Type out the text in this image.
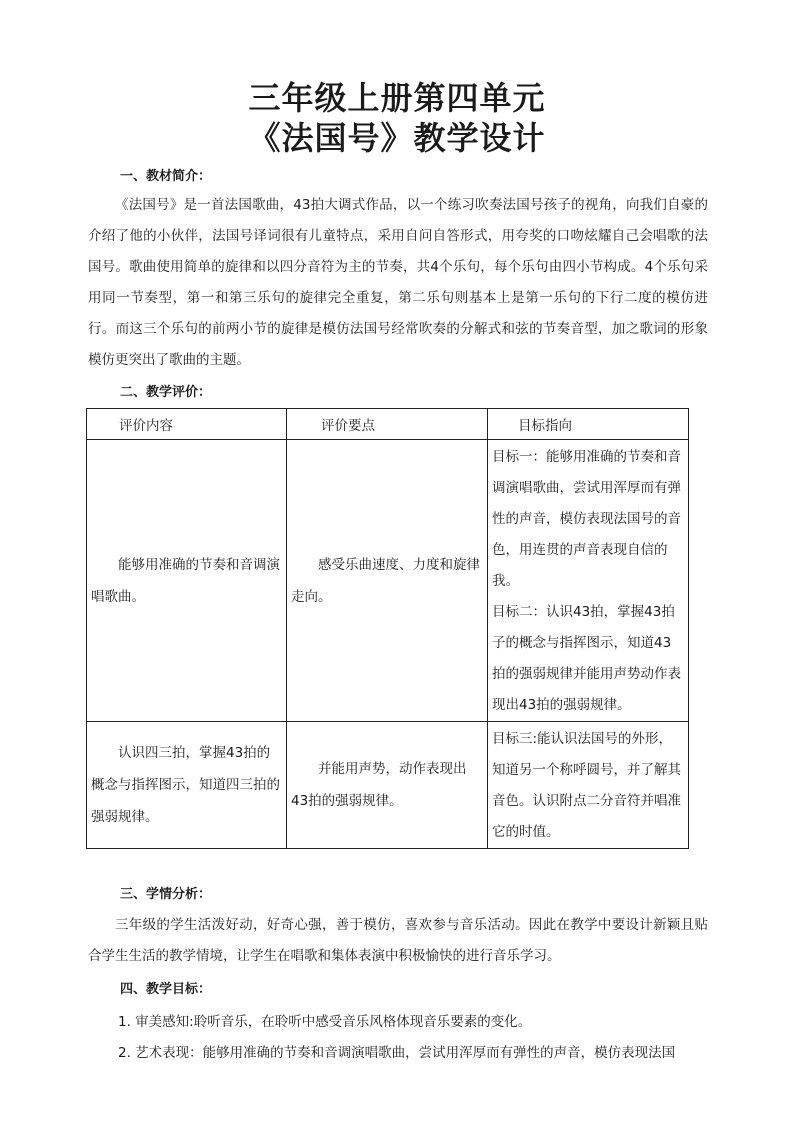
三年级上册第四单元
《法国号》教学设计
一、教材简介：

《法国号》是一首法国歌曲，43拍大调式作品，以一个练习吹奏法国号孩子的视角，向我们自豪的介绍了他的小伙伴，法国号译词很有儿童特点，采用自问自答形式，用夸奖的口吻炫耀自己会唱歌的法国号。歌曲使用简单的旋律和以四分音符为主的节奏，共4个乐句，每个乐句由四小节构成。4个乐句采用同一节奏型，第一和第三乐句的旋律完全重复，第二乐句则基本上是第一乐句的下行二度的模仿进行。而这三个乐句的前两小节的旋律是模仿法国号经常吹奏的分解式和弦的节奏音型，加之歌词的形象模仿更突出了歌曲的主题。

二、教学评价：
评价内容	评价要点	目标指向

能够用准确的节奏和音调演唱歌曲。	感受乐曲速度、力度和旋律走向。	目标一：能够用准确的节奏和音调演唱歌曲，尝试用浑厚而有弹性的声音，模仿表现法国号的音色，用连贯的声音表现自信的我。
目标二：认识43拍，掌握43拍子的概念与指挥图示，知道43拍的强弱规律并能用声势动作表现出43拍的强弱规律。

认识四三拍，掌握43拍的概念与指挥图示，知道四三拍的强弱规律。	并能用声势，动作表现出43拍的强弱规律。	目标三:能认识法国号的外形，知道另一个称呼圆号，并了解其音色。认识附点二分音符并唱准它的时值。
三、学情分析：

三年级的学生活泼好动，好奇心强，善于模仿，喜欢参与音乐活动。因此在教学中要设计新颖且贴合学生生活的教学情境，让学生在唱歌和集体表演中积极愉快的进行音乐学习。

四、教学目标：
1. 审美感知:聆听音乐，在聆听中感受音乐风格体现音乐要素的变化。
2. 艺术表现：能够用准确的节奏和音调演唱歌曲，尝试用浑厚而有弹性的声音，模仿表现法国
